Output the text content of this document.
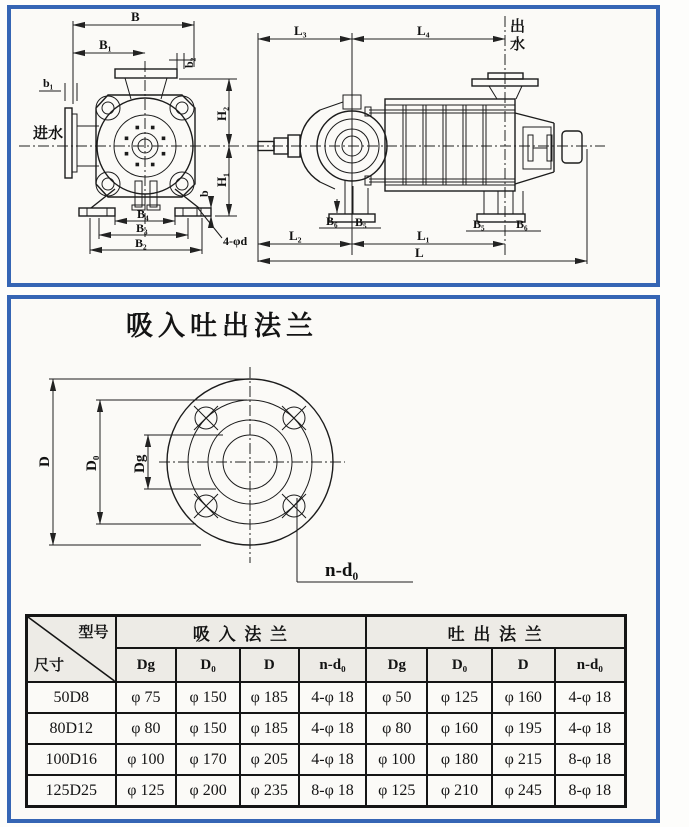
B
B₁
b₁
b₂
H₂
H₁
b
B₄
B₃
B₂	4-φd
进水
L₃	L₄
B₆ B₅	B₅	B₆
L₂	L₁
L
出水
吸入吐出法兰
D D₀ Dg
n-d₀
型号
尺寸	吸 入 法 兰				吐 出 法 兰			
	Dg	D₀	D	n-d₀	Dg	D₀	D	n-d₀
50D8	φ 75	φ 150	φ 185	4-φ 18	φ 50	φ 125	φ 160	4-φ 18
80D12	φ 80	φ 150	φ 185	4-φ 18	φ 80	φ 160	φ 195	4-φ 18
100D16	φ 100	φ 170	φ 205	4-φ 18	φ 100	φ 180	φ 215	8-φ 18
125D25	φ 125	φ 200	φ 235	8-φ 18	φ 125	φ 210	φ 245	8-φ 18
